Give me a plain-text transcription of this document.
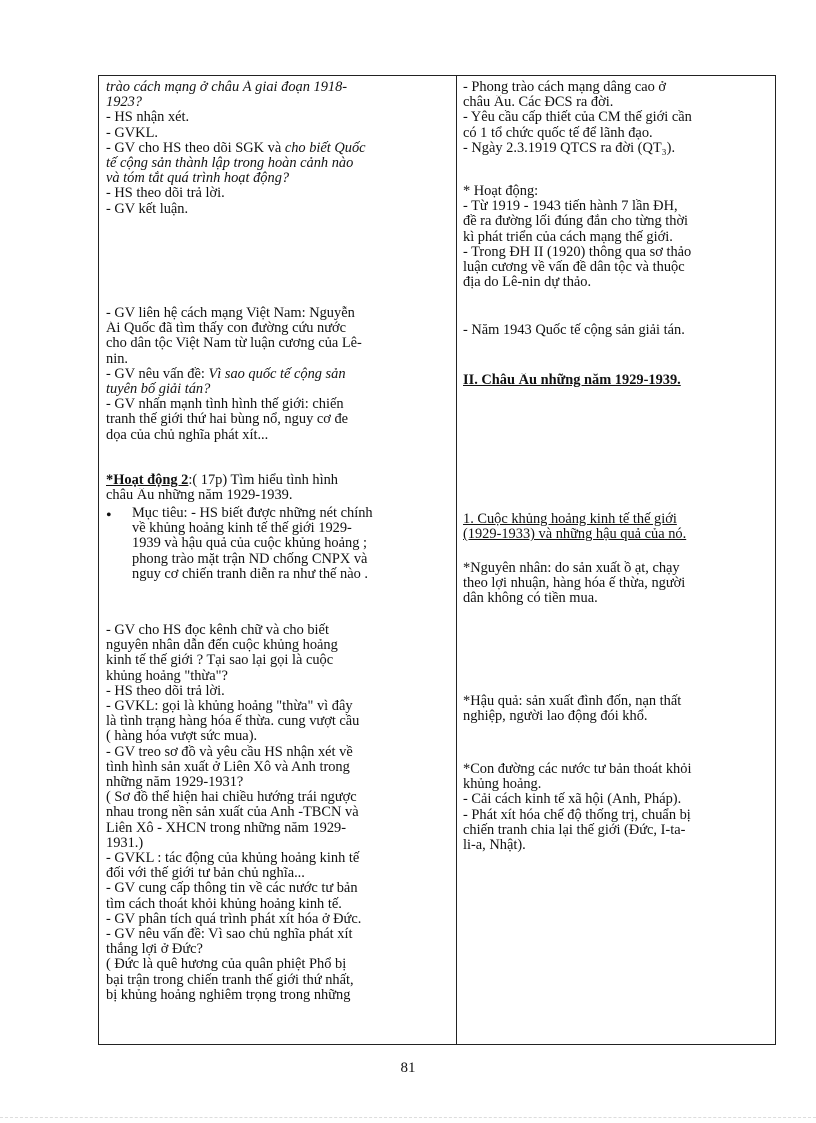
trào cách mạng ở châu Á giai đoạn 1918-
1923?
- HS nhận xét.
- GVKL.
- GV cho HS theo dõi SGK và cho biết Quốc
tế cộng sản thành lập trong hoàn cảnh nào
và tóm tắt quá trình hoạt động?
- HS theo dõi trả lời.
- GV kết luận.
- GV liên hệ cách mạng Việt Nam: Nguyễn
Ái Quốc đã tìm thấy con đường cứu nước
cho dân tộc Việt Nam từ luận cương của Lê-
nin.
- GV nêu vấn đề: Vì sao quốc tế cộng sản
tuyên bố giải tán?
- GV nhấn mạnh tình hình thế giới: chiến
tranh thế giới thứ hai bùng nổ, nguy cơ đe
dọa của chủ nghĩa phát xít...
*Hoạt động 2:( 17p) Tìm hiểu tình hình
châu Âu những năm 1929-1939.
- GV cho HS đọc kênh chữ và cho biết
nguyên nhân dẫn đến cuộc khủng hoảng
kinh tế thế giới ? Tại sao lại gọi là cuộc
khủng hoảng "thừa"?
- HS theo dõi trả lời.
- GVKL: gọi là khủng hoảng "thừa" vì đây
là tình trạng hàng hóa ế thừa. cung vượt cầu
( hàng hóa vượt sức mua).
- GV treo sơ đồ và yêu cầu HS nhận xét về
tình hình sản xuất ở Liên Xô và Anh trong
những năm 1929-1931?
( Sơ đồ thể hiện hai chiều hướng trái ngược
nhau trong nền sản xuất của Anh -TBCN và
Liên Xô - XHCN trong những năm 1929-
1931.)
- GVKL : tác động của khủng hoảng kinh tế
đối với thế giới tư bản chủ nghĩa...
- GV cung cấp thông tin về các nước tư bản
tìm cách thoát khỏi khủng hoảng kinh tế.
- GV phân tích quá trình phát xít hóa ở Đức.
- GV nêu vấn đề: Vì sao chủ nghĩa phát xít
thắng lợi ở Đức?
( Đức là quê hương của quân phiệt Phổ bị
bại trận trong chiến tranh thế giới thứ nhất,
bị khủng hoảng nghiêm trọng trong những
• Mục tiêu: - HS biết được những nét chính
về khủng hoảng kinh tế thế giới 1929-
1939 và hậu quả của cuộc khủng hoảng ;
phong trào mặt trận ND chống CNPX và
nguy cơ chiến tranh diễn ra như thế nào .
- Phong trào cách mạng dâng cao ở
châu Âu. Các ĐCS ra đời.
- Yêu cầu cấp thiết của CM thế giới cần
có 1 tổ chức quốc tế để lãnh đạo.
- Ngày 2.3.1919 QTCS ra đời (QT₃).
* Hoạt động:
- Từ 1919 - 1943 tiến hành 7 lần ĐH,
đề ra đường lối đúng đắn cho từng thời
kì phát triển của cách mạng thế giới.
- Trong ĐH II (1920) thông qua sơ thảo
luận cương về vấn đề dân tộc và thuộc
địa do Lê-nin dự thảo.
- Năm 1943 Quốc tế cộng sản giải tán.
II. Châu Âu những năm 1929-1939.
1. Cuộc khủng hoảng kinh tế thế giới
(1929-1933) và những hậu quả của nó.
*Nguyên nhân: do sản xuất ồ ạt, chạy
theo lợi nhuận, hàng hóa ế thừa, người
dân không có tiền mua.
*Hậu quả: sản xuất đình đốn, nạn thất
nghiệp, người lao động đói khổ.
*Con đường các nước tư bản thoát khỏi
khủng hoảng.
- Cải cách kinh tế xã hội (Anh, Pháp).
- Phát xít hóa chế độ thống trị, chuẩn bị
chiến tranh chia lại thế giới (Đức, I-ta-
li-a, Nhật).
81
